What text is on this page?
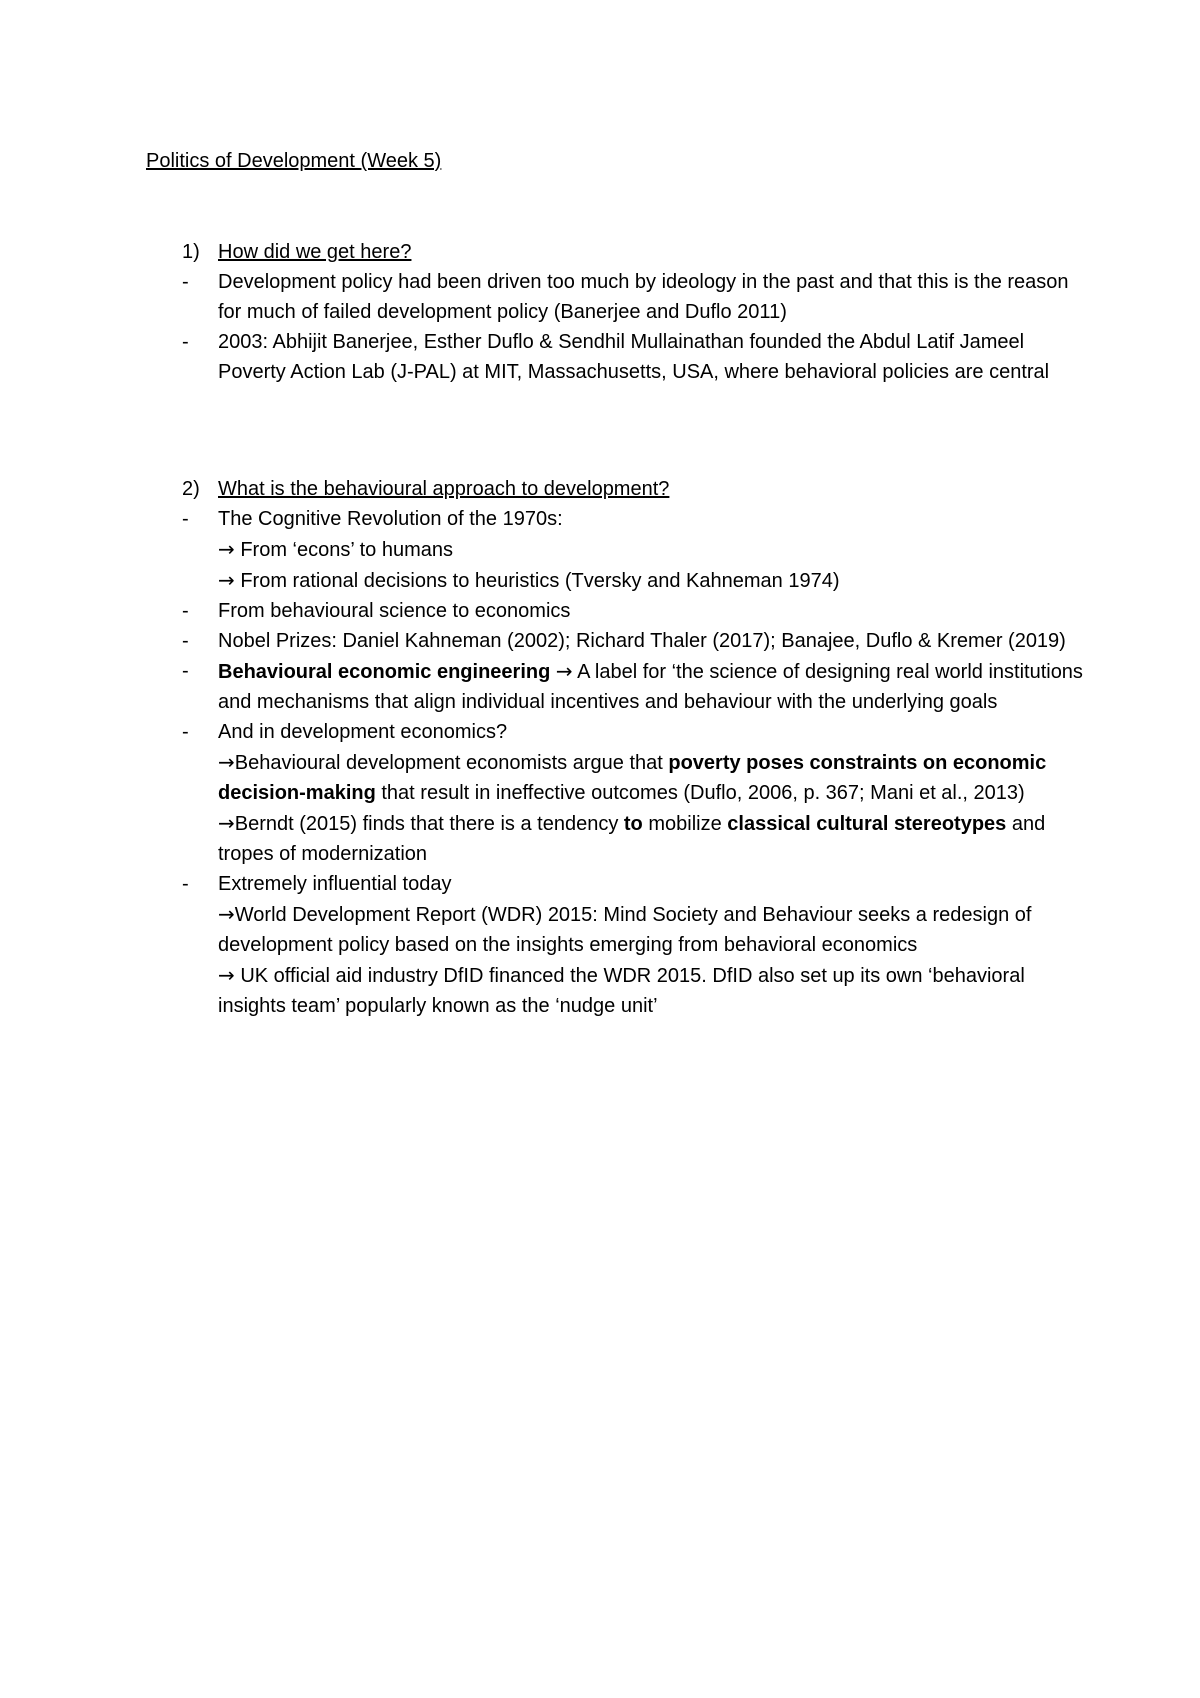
Politics of Development (Week 5)
1) How did we get here?
-	Development policy had been driven too much by ideology in the past and that this is the reason for much of failed development policy (Banerjee and Duflo 2011)
-	2003: Abhijit Banerjee, Esther Duflo & Sendhil Mullainathan founded the Abdul Latif Jameel Poverty Action Lab (J-PAL) at MIT, Massachusetts, USA, where behavioral policies are central
2) What is the behavioural approach to development?
-	The Cognitive Revolution of the 1970s:
→ From ‘econs’ to humans
→ From rational decisions to heuristics (Tversky and Kahneman 1974)
-	From behavioural science to economics
-	Nobel Prizes: Daniel Kahneman (2002); Richard Thaler (2017); Banajee, Duflo & Kremer (2019)
-	Behavioural economic engineering → A label for ‘the science of designing real world institutions and mechanisms that align individual incentives and behaviour with the underlying goals
-	And in development economics?
→Behavioural development economists argue that poverty poses constraints on economic decision-making that result in ineffective outcomes (Duflo, 2006, p. 367; Mani et al., 2013)
→Berndt (2015) finds that there is a tendency to mobilize classical cultural stereotypes and tropes of modernization
-	Extremely influential today
→World Development Report (WDR) 2015: Mind Society and Behaviour seeks a redesign of development policy based on the insights emerging from behavioral economics
→ UK official aid industry DfID financed the WDR 2015. DfID also set up its own ‘behavioral insights team’ popularly known as the ‘nudge unit’
